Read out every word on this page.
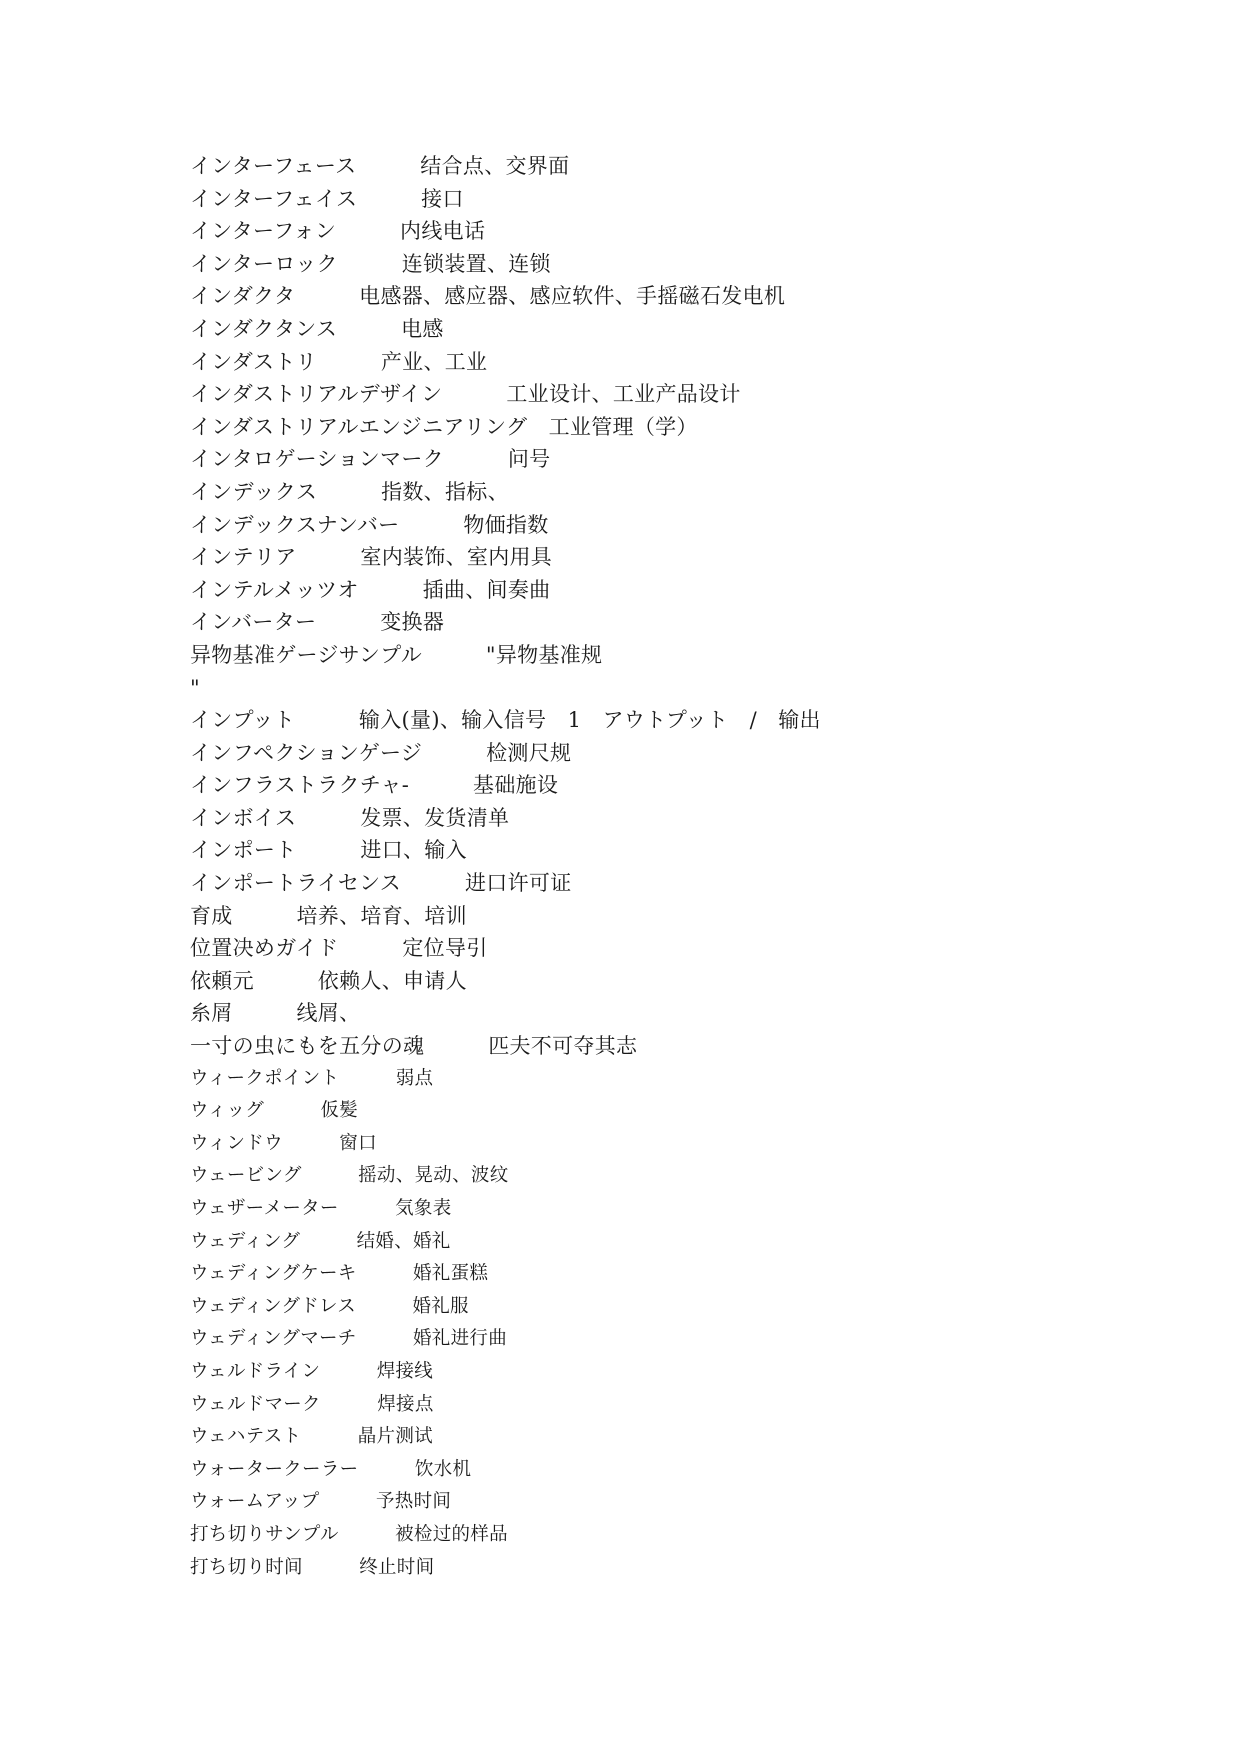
インターフェース　　　结合点、交界面

インターフェイス　　　接口

インターフォン　　　内线电话

インターロック　　　连锁装置、连锁

インダクタ　　　电感器、感应器、感应软件、手摇磁石发电机

インダクタンス　　　电感

インダストリ　　　产业、工业

インダストリアルデザイン　　　工业设计、工业产品设计

インダストリアルエンジニアリング　工业管理（学）

インタロゲーションマーク　　　问号

インデックス　　　指数、指标、

インデックスナンバー　　　物価指数

インテリア　　　室内装饰、室内用具

インテルメッツオ　　　插曲、间奏曲

インバーター　　　变换器

异物基准ゲージサンプル　　　"异物基准规

"

インプット　　　输入(量)、输入信号　1　アウトプット　/　输出

インフペクションゲージ　　　检测尺规

インフラストラクチャ-　　　基础施设

インボイス　　　发票、发货清单

インポート　　　进口、输入

インポートライセンス　　　进口许可证

育成　　　培养、培育、培训

位置决めガイド　　　定位导引

依頼元　　　依赖人、申请人

糸屑　　　线屑、

一寸の虫にもを五分の魂　　　匹夫不可夺其志

ウィークポイント　　　弱点

ウィッグ　　　仮髪

ウィンドウ　　　窗口

ウェービング　　　摇动、晃动、波纹

ウェザーメーター　　　気象表

ウェディング　　　结婚、婚礼

ウェディングケーキ　　　婚礼蛋糕

ウェディングドレス　　　婚礼服

ウェディングマーチ　　　婚礼进行曲

ウェルドライン　　　焊接线

ウェルドマーク　　　焊接点

ウェハテスト　　　晶片测试

ウォータークーラー　　　饮水机

ウォームアップ　　　予热时间

打ち切りサンプル　　　被检过的样品

打ち切り时间　　　终止时间
